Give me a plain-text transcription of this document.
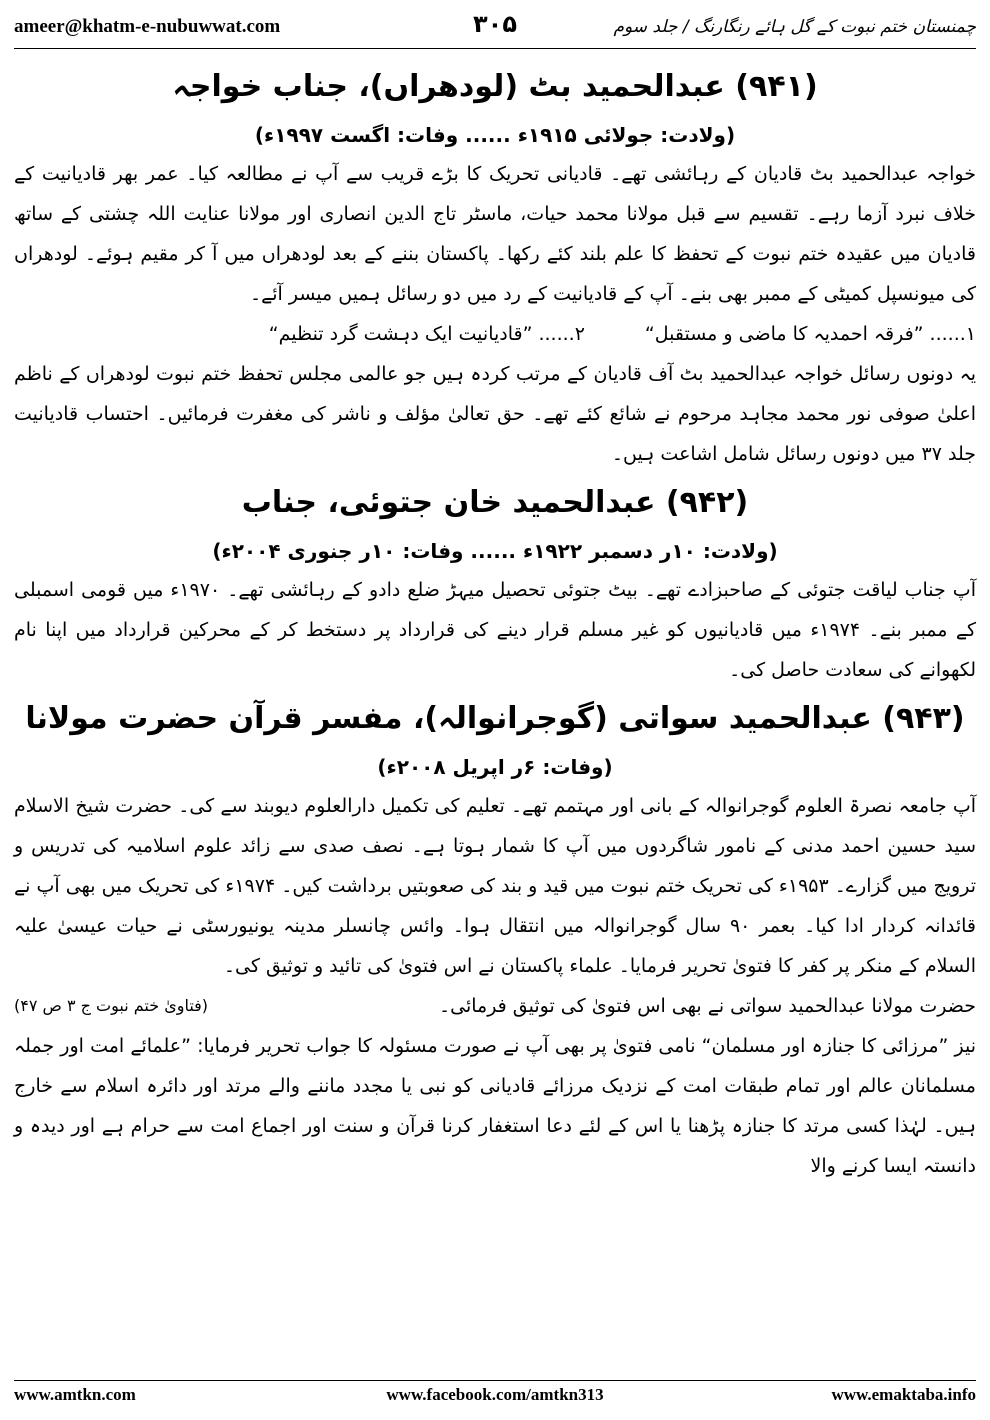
ameer@khatm-e-nubuwwat.com	۳۰۵	چمنستان ختم نبوت کے گل ہائے رنگارنگ / جلد سوم
(۹۴۱) عبدالحمید بٹ (لودھراں)، جناب خواجہ
(ولادت: جولائی ۱۹۱۵ء ...... وفات: اگست ۱۹۹۷ء)

خواجہ عبدالحمید بٹ قادیان کے رہائشی تھے۔ قادیانی تحریک کا بڑے قریب سے آپ نے مطالعہ کیا۔ عمر بھر قادیانیت کے خلاف نبرد آزما رہے۔ تقسیم سے قبل مولانا محمد حیات، ماسٹر تاج الدین انصاری اور مولانا عنایت اللہ چشتی کے ساتھ قادیان میں عقیدہ ختم نبوت کے تحفظ کا علم بلند کئے رکھا۔ پاکستان بننے کے بعد لودھراں میں آ کر مقیم ہوئے۔ لودھراں کی میونسپل کمیٹی کے ممبر بھی بنے۔ آپ کے قادیانیت کے رد میں دو رسائل ہمیں میسر آئے۔

۱......”فرقہ احمدیہ کا ماضی و مستقبل“
۲......”قادیانیت ایک دہشت گرد تنظیم“

یہ دونوں رسائل خواجہ عبدالحمید بٹ آف قادیان کے مرتب کردہ ہیں جو عالمی مجلس تحفظ ختم نبوت لودھراں کے ناظم اعلیٰ صوفی نور محمد مجاہد مرحوم نے شائع کئے تھے۔ حق تعالیٰ مؤلف و ناشر کی مغفرت فرمائیں۔ احتساب قادیانیت جلد ۳۷ میں دونوں رسائل شامل اشاعت ہیں۔

(۹۴۲) عبدالحمید خان جتوئی، جناب
(ولادت: ۱۰ر دسمبر ۱۹۲۲ء ...... وفات: ۱۰ر جنوری ۲۰۰۴ء)

آپ جناب لیاقت جتوئی کے صاحبزادے تھے۔ بیٹ جتوئی تحصیل میہڑ ضلع دادو کے رہائشی تھے۔ ۱۹۷۰ء میں قومی اسمبلی کے ممبر بنے۔ ۱۹۷۴ء میں قادیانیوں کو غیر مسلم قرار دینے کی قرارداد پر دستخط کر کے محرکین قرارداد میں اپنا نام لکھوانے کی سعادت حاصل کی۔

(۹۴۳) عبدالحمید سواتی (گوجرانوالہ)، مفسر قرآن حضرت مولانا
(وفات: ۶ر اپریل ۲۰۰۸ء)

آپ جامعہ نصرۃ العلوم گوجرانوالہ کے بانی اور مہتمم تھے۔ تعلیم کی تکمیل دارالعلوم دیوبند سے کی۔ حضرت شیخ الاسلام سید حسین احمد مدنی کے نامور شاگردوں میں آپ کا شمار ہوتا ہے۔ نصف صدی سے زائد علوم اسلامیہ کی تدریس و ترویج میں گزارے۔ ۱۹۵۳ء کی تحریک ختم نبوت میں قید و بند کی صعوبتیں برداشت کیں۔ ۱۹۷۴ء کی تحریک میں بھی آپ نے قائدانہ کردار ادا کیا۔ بعمر ۹۰ سال گوجرانوالہ میں انتقال ہوا۔ وائس چانسلر مدینہ یونیورسٹی نے حیات عیسیٰ علیہ السلام کے منکر پر کفر کا فتویٰ تحریر فرمایا۔ علماء پاکستان نے اس فتویٰ کی تائید و توثیق کی۔

حضرت مولانا عبدالحمید سواتی نے بھی اس فتویٰ کی توثیق فرمائی۔
(فتاویٰ ختم نبوت ج ۳ ص ۴۷)

نیز ”مرزائی کا جنازہ اور مسلمان“ نامی فتویٰ پر بھی آپ نے صورت مسئولہ کا جواب تحریر فرمایا: ”علمائے امت اور جملہ مسلمانان عالم اور تمام طبقات امت کے نزدیک مرزائے قادیانی کو نبی یا مجدد ماننے والے مرتد اور دائرہ اسلام سے خارج ہیں۔ لہٰذا کسی مرتد کا جنازہ پڑھنا یا اس کے لئے دعا استغفار کرنا قرآن و سنت اور اجماع امت سے حرام ہے اور دیدہ و دانستہ ایسا کرنے والا

www.amtkn.com	www.facebook.com/amtkn313	www.emaktaba.info
